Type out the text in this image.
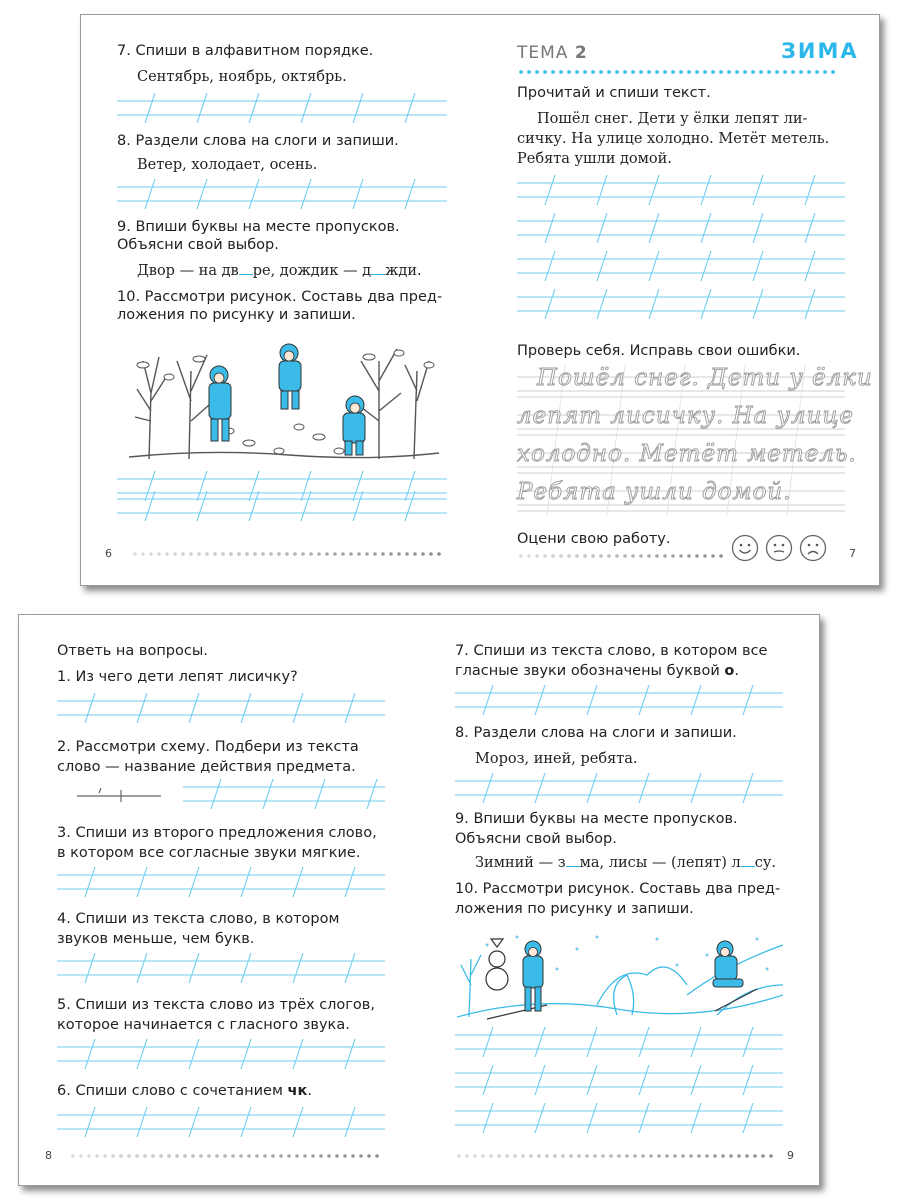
7. Спиши в алфавитном порядке.
Сентябрь, ноябрь, октябрь.
8. Раздели слова на слоги и запиши.
Ветер, холодает, осень.
9. Впиши буквы на месте пропусков.
Объясни свой выбор.
Двор — на дв ре, дождик — д жди.
10. Рассмотри рисунок. Составь два пред-
ложения по рисунку и запиши.
6
ТЕМА 2	ЗИМА
Прочитай и спиши текст.
Пошёл снег. Дети у ёлки лепят ли-
сичку. На улице холодно. Метёт метель.
Ребята ушли домой.
Проверь себя. Исправь свои ошибки.
Пошёл снег. Дети у ёлки
лепят лисичку. На улице
холодно. Метёт метель.
Ребята ушли домой.
Оцени свою работу.
7
Ответь на вопросы.
1. Из чего дети лепят лисичку?
2. Рассмотри схему. Подбери из текста
слово — название действия предмета.
3. Спиши из второго предложения слово,
в котором все согласные звуки мягкие.
4. Спиши из текста слово, в котором
звуков меньше, чем букв.
5. Спиши из текста слово из трёх слогов,
которое начинается с гласного звука.
6. Спиши слово с сочетанием чк.
8
7. Спиши из текста слово, в котором все
гласные звуки обозначены буквой о.
8. Раздели слова на слоги и запиши.
Мороз, иней, ребята.
9. Впиши буквы на месте пропусков.
Объясни свой выбор.
Зимний — з ма, лисы — (лепят) л су.
10. Рассмотри рисунок. Составь два пред-
ложения по рисунку и запиши.
9
